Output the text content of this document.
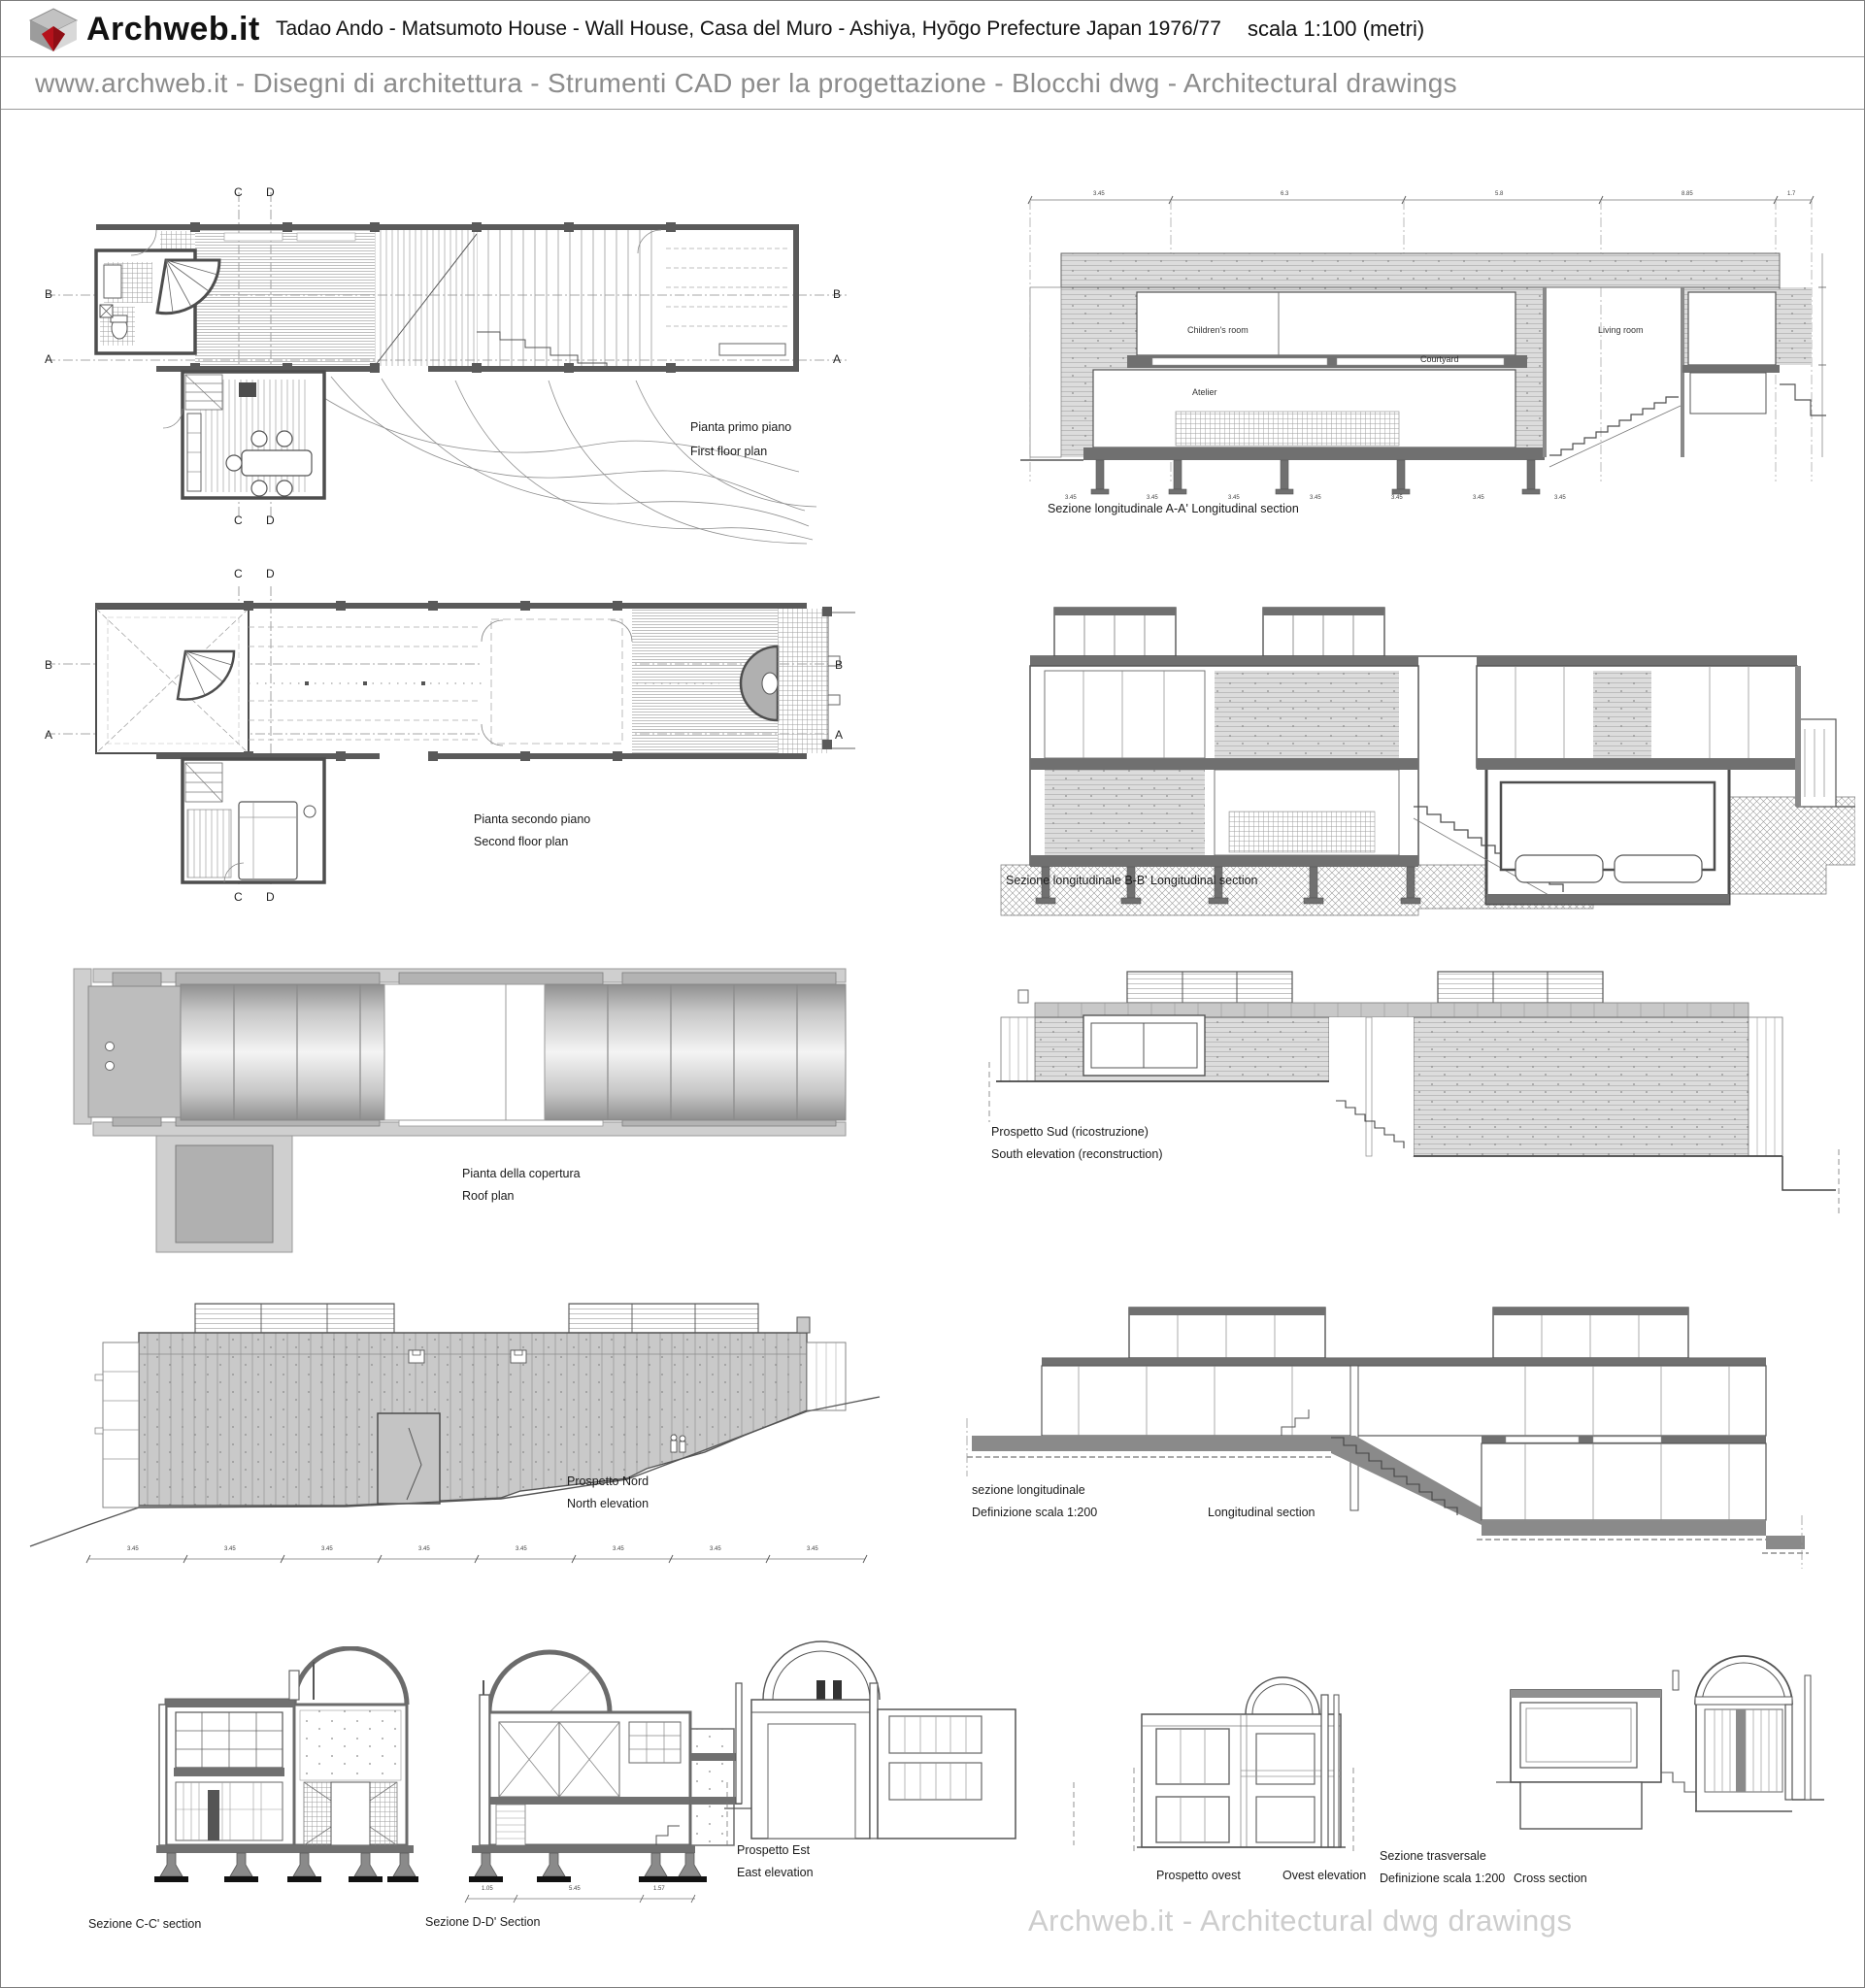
Archweb.it Tadao Ando - Matsumoto House - Wall House, Casa del Muro - Ashiya, Hyōgo Prefecture Japan 1976/77 scala 1:100 (metri)
www.archweb.it - Disegni di architettura - Strumenti CAD per la progettazione - Blocchi dwg - Architectural drawings
C D
C D
B
A
B
A
Pianta primo piano
First floor plan
Children's room
Atelier
Courtyard
Living room
3.45	6.3	5.8	8.85	1.7
3.45	3.45	3.45	3.45	3.45	3.45	3.45
Sezione longitudinale A-A' Longitudinal section
C D
C D
B
A
B
A
Pianta secondo piano
Second floor plan
Sezione longitudinale B-B' Longitudinal section
Pianta della copertura
Roof plan
Prospetto Sud (ricostruzione)
South elevation (reconstruction)
Prospetto Nord
North elevation
3.45	3.45	3.45	3.45	3.45	3.45	3.45	3.45
sezione longitudinale
Definizione scala 1:200	Longitudinal section
Sezione C-C' section	Sezione D-D' Section
1.05	5.45	1.57
Prospetto Est
East elevation	Prospetto ovest	Ovest elevation
Sezione trasversale
Definizione scala 1:200 Cross section
Archweb.it - Architectural dwg drawings
